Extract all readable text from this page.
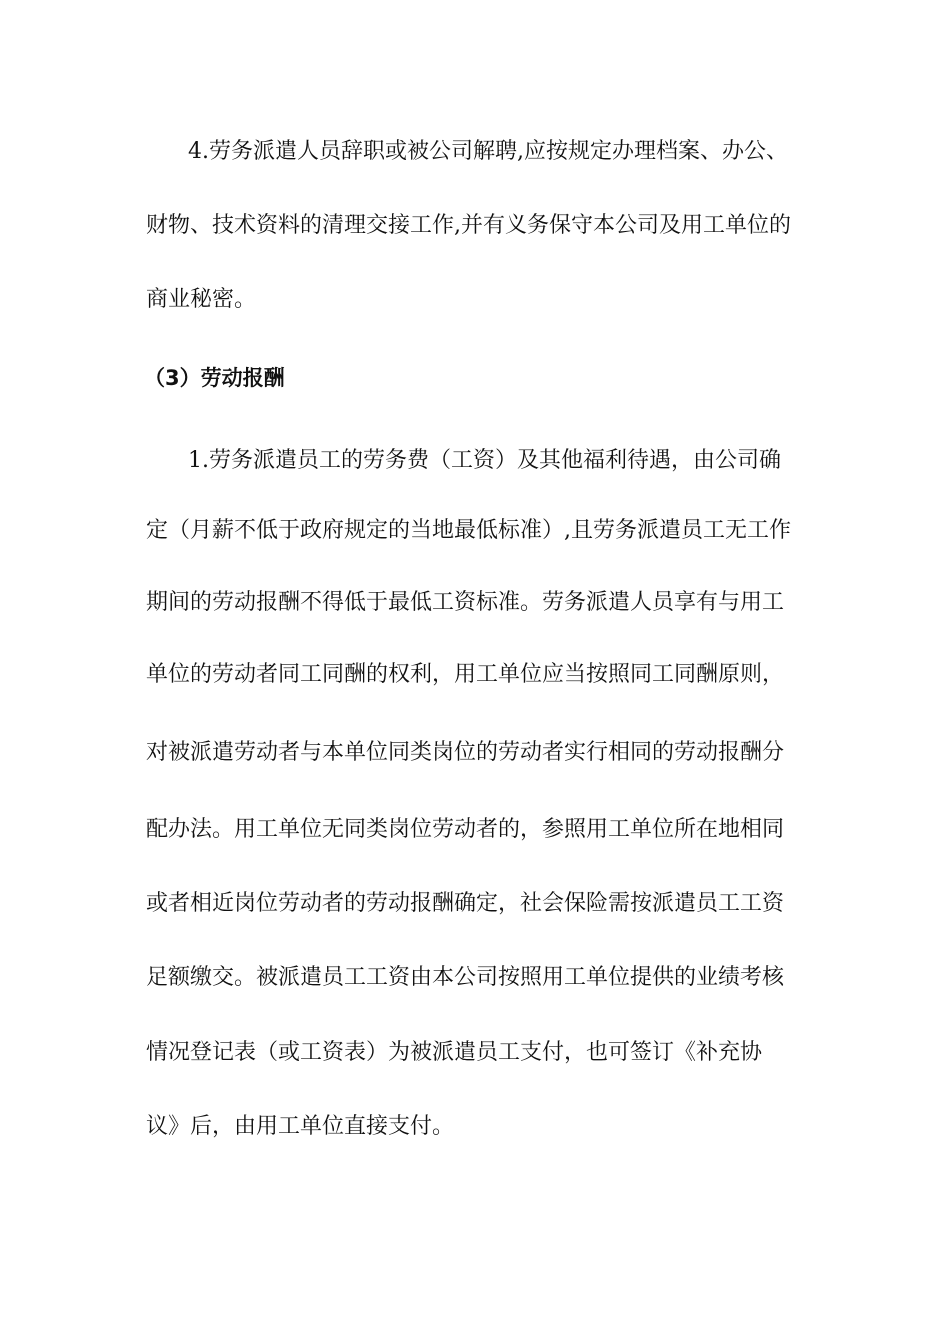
4.劳务派遣人员辞职或被公司解聘,应按规定办理档案、办公、
财物、技术资料的清理交接工作,并有义务保守本公司及用工单位的
商业秘密。
（3）劳动报酬
1.劳务派遣员工的劳务费（工资）及其他福利待遇，由公司确
定（月薪不低于政府规定的当地最低标准）,且劳务派遣员工无工作
期间的劳动报酬不得低于最低工资标准。劳务派遣人员享有与用工
单位的劳动者同工同酬的权利，用工单位应当按照同工同酬原则，
对被派遣劳动者与本单位同类岗位的劳动者实行相同的劳动报酬分
配办法。用工单位无同类岗位劳动者的，参照用工单位所在地相同
或者相近岗位劳动者的劳动报酬确定，社会保险需按派遣员工工资
足额缴交。被派遣员工工资由本公司按照用工单位提供的业绩考核
情况登记表（或工资表）为被派遣员工支付，也可签订《补充协
议》后，由用工单位直接支付。
